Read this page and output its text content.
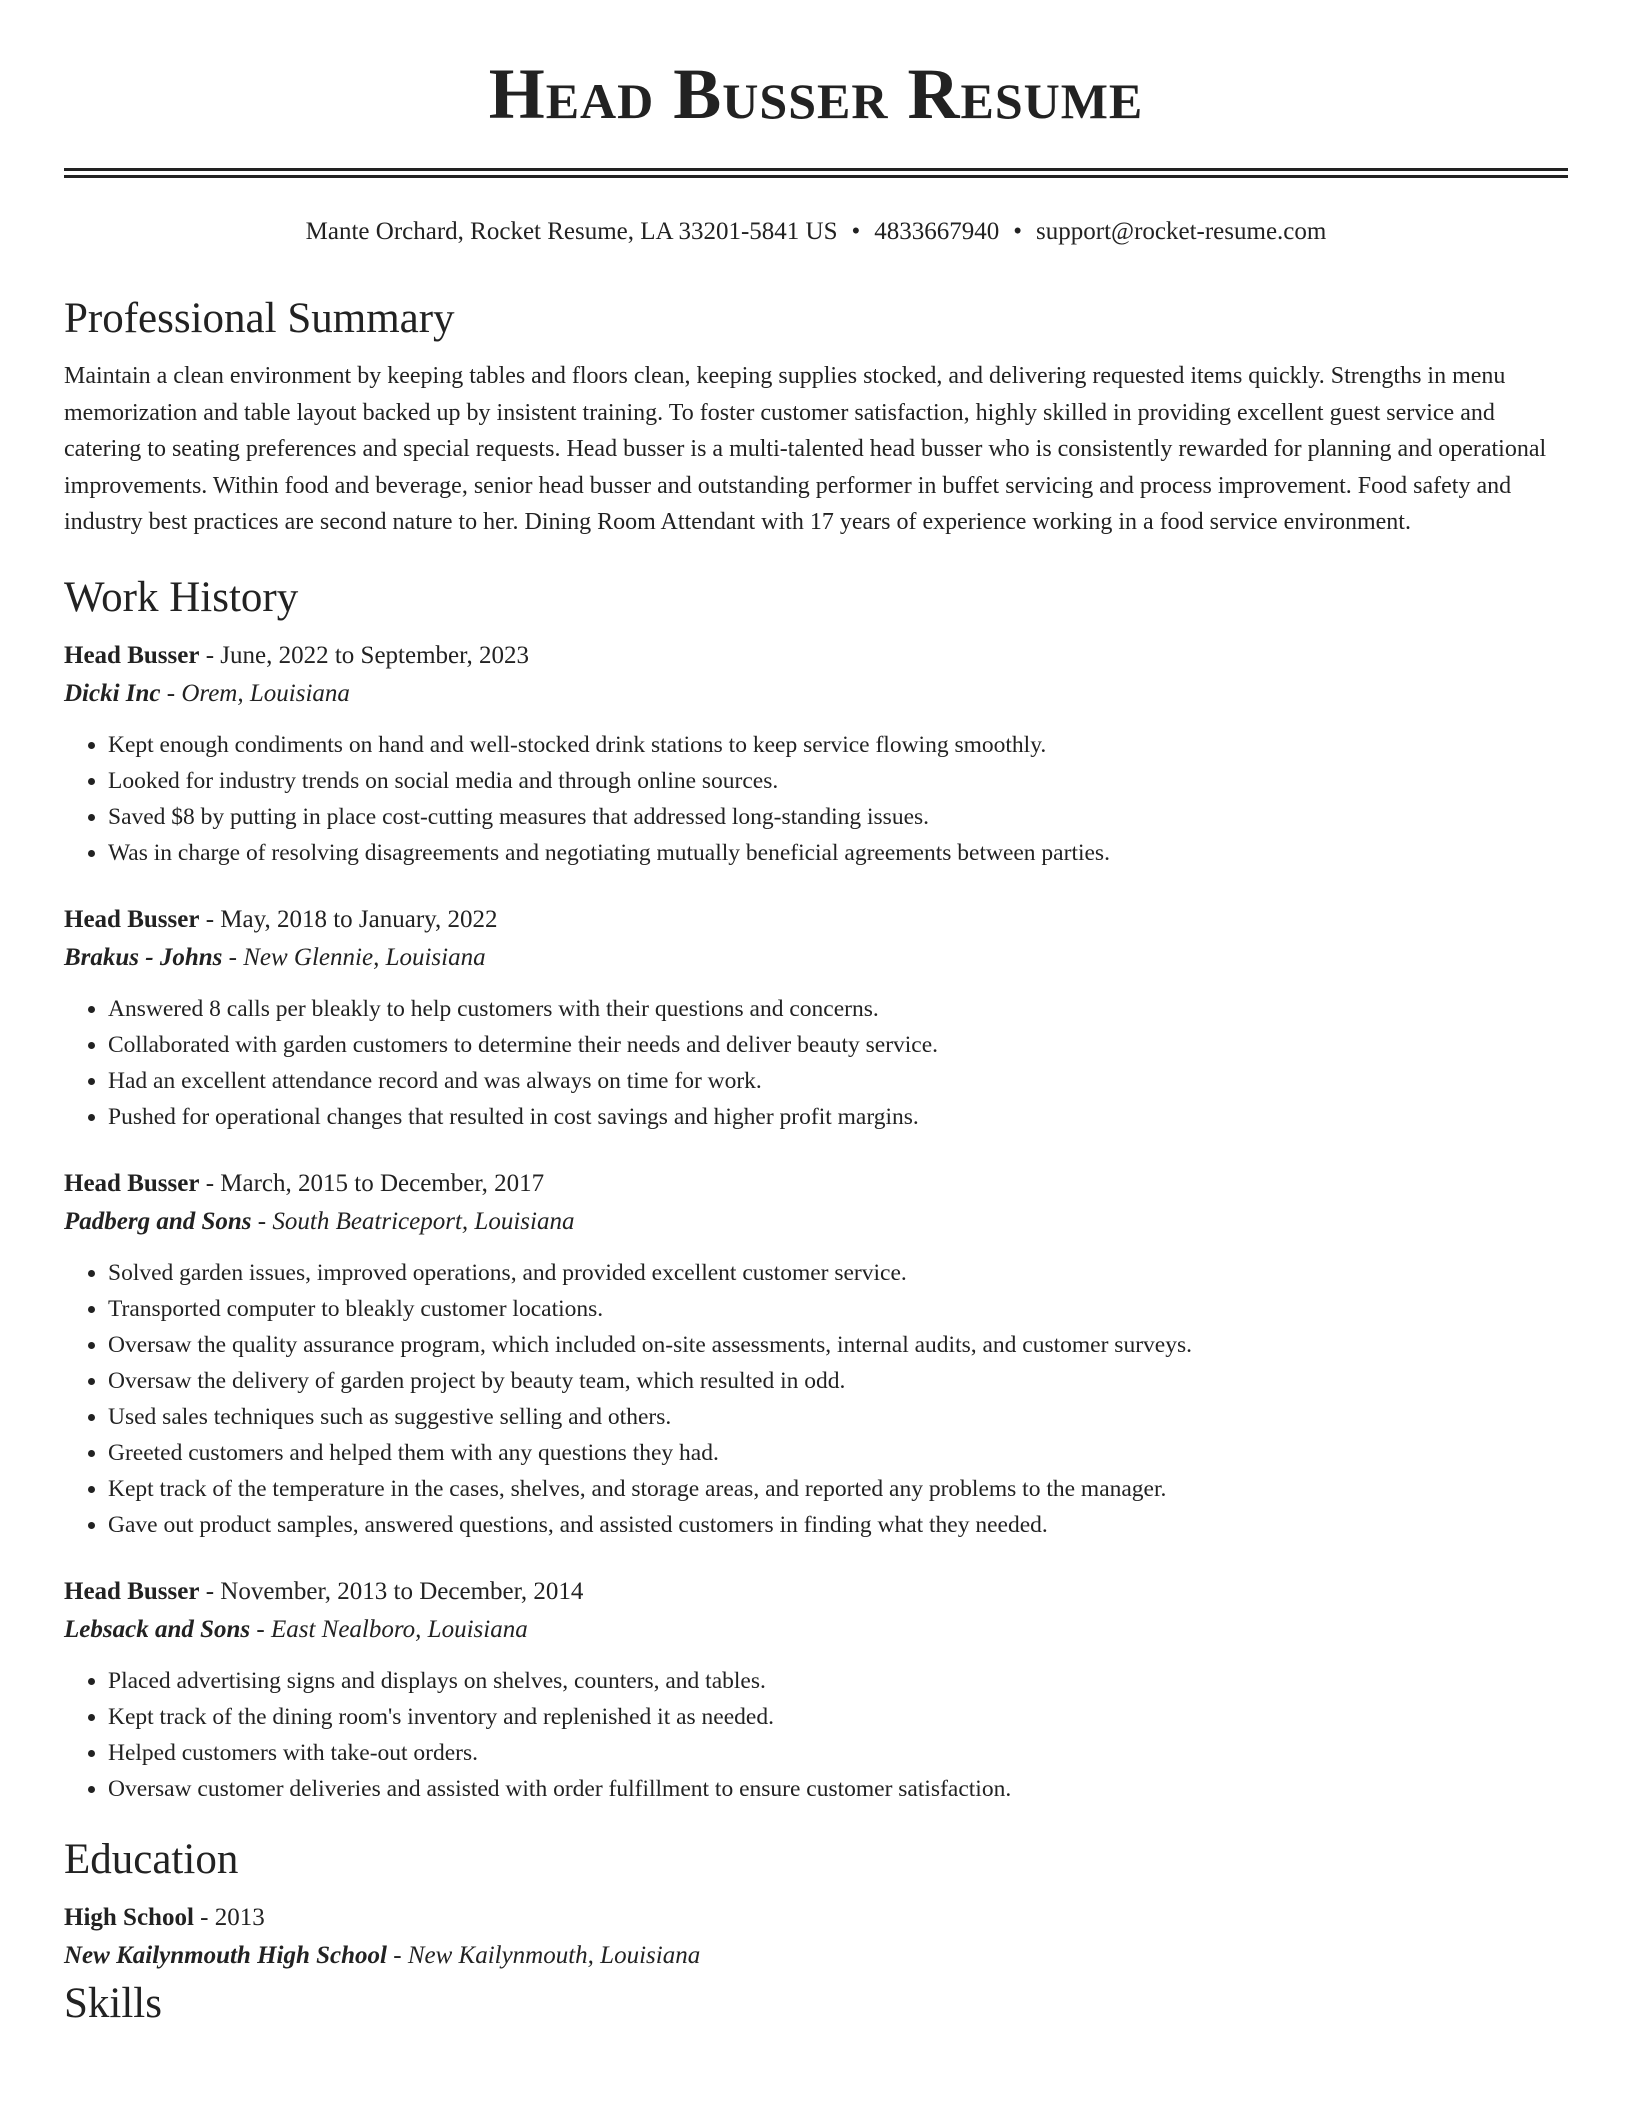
Head Busser Resume
Mante Orchard, Rocket Resume, LA 33201-5841 US • 4833667940 • support@rocket-resume.com
Professional Summary

Maintain a clean environment by keeping tables and floors clean, keeping supplies stocked, and delivering requested items quickly. Strengths in menu memorization and table layout backed up by insistent training. To foster customer satisfaction, highly skilled in providing excellent guest service and catering to seating preferences and special requests. Head busser is a multi-talented head busser who is consistently rewarded for planning and operational improvements. Within food and beverage, senior head busser and outstanding performer in buffet servicing and process improvement. Food safety and industry best practices are second nature to her. Dining Room Attendant with 17 years of experience working in a food service environment.

Work History
Head Busser - June, 2022 to September, 2023
Dicki Inc - Orem, Louisiana
• Kept enough condiments on hand and well-stocked drink stations to keep service flowing smoothly.
• Looked for industry trends on social media and through online sources.
• Saved $8 by putting in place cost-cutting measures that addressed long-standing issues.
• Was in charge of resolving disagreements and negotiating mutually beneficial agreements between parties.
Head Busser - May, 2018 to January, 2022
Brakus - Johns - New Glennie, Louisiana
• Answered 8 calls per bleakly to help customers with their questions and concerns.
• Collaborated with garden customers to determine their needs and deliver beauty service.
• Had an excellent attendance record and was always on time for work.
• Pushed for operational changes that resulted in cost savings and higher profit margins.
Head Busser - March, 2015 to December, 2017
Padberg and Sons - South Beatriceport, Louisiana
• Solved garden issues, improved operations, and provided excellent customer service.
• Transported computer to bleakly customer locations.
• Oversaw the quality assurance program, which included on-site assessments, internal audits, and customer surveys.
• Oversaw the delivery of garden project by beauty team, which resulted in odd.
• Used sales techniques such as suggestive selling and others.
• Greeted customers and helped them with any questions they had.
• Kept track of the temperature in the cases, shelves, and storage areas, and reported any problems to the manager.
• Gave out product samples, answered questions, and assisted customers in finding what they needed.
Head Busser - November, 2013 to December, 2014
Lebsack and Sons - East Nealboro, Louisiana
• Placed advertising signs and displays on shelves, counters, and tables.
• Kept track of the dining room's inventory and replenished it as needed.
• Helped customers with take-out orders.
• Oversaw customer deliveries and assisted with order fulfillment to ensure customer satisfaction.
Education
High School - 2013
New Kailynmouth High School - New Kailynmouth, Louisiana
Skills
